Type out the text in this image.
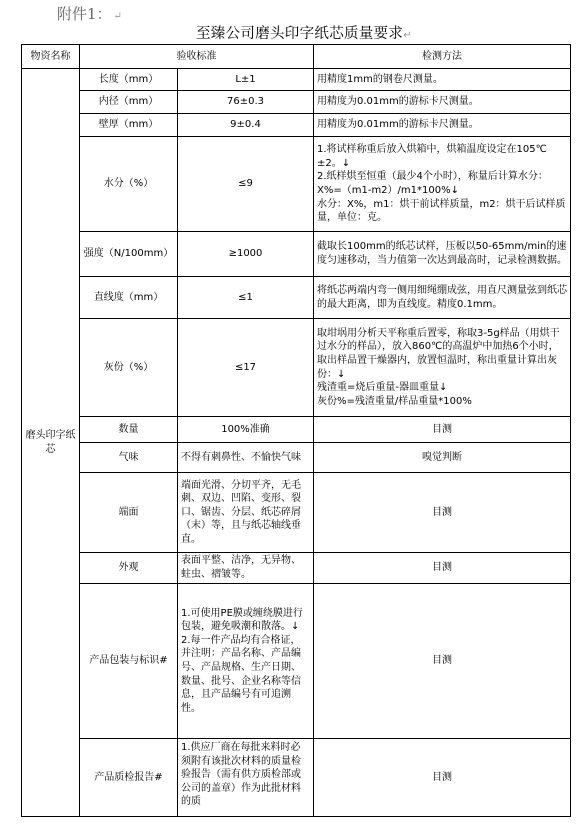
附件1： ↵
至臻公司磨头印字纸芯质量要求↵
物资名称	验收标准		检测方法
磨头印字纸芯	长度（mm）	L±1	用精度1mm的钢卷尺测量。
	内径（mm）	76±0.3	用精度为0.01mm的游标卡尺测量。
	壁厚（mm）	9±0.4	用精度为0.01mm的游标卡尺测量。
	水分（%）	≤9	1.将试样称重后放入烘箱中，烘箱温度设定在105℃±2。↓
2.纸样烘至恒重（最少4个小时），称量后计算水分：X%=（m1-m2）/m1*100%↓
水分：X%，m1：烘干前试样质量，m2：烘干后试样质量，单位：克。

	强度（N/100mm）	≥1000	截取长100mm的纸芯试样，压板以50-65mm/min的速度匀速移动，当力值第一次达到最高时，记录检测数据。
	直线度（mm）	≤1	将纸芯两端内弯一侧用细绳绷成弦，用直尺测量弦到纸芯的最大距离，即为直线度。精度0.1mm。
	灰份（%）	≤17	取坩埚用分析天平称重后置零，称取3-5g样品（用烘干过水分的样品），放入860℃的高温炉中加热6个小时，取出样品置干燥器内，放置恒温时，称出重量计算出灰份：↓
残渣重=烧后重量-器皿重量↓
灰份%=残渣重量/样品重量*100%

	数量	100%准确	目测
	气味	不得有刺鼻性、不愉快气味	嗅觉判断
	端面	端面光滑、分切平齐，无毛刺、双边、凹陷、变形、裂口、锯齿、分层、纸芯碎屑（末）等，且与纸芯轴线垂直。	目测
	外观	表面平整、洁净，无异物、蛀虫、褶皱等。	目测
	产品包装与标识#	1.可使用PE膜或缠绕膜进行包装，避免吸潮和散落。↓
2.每一件产品均有合格证，并注明：产品名称、产品编号、产品规格、生产日期、数量、批号、企业名称等信息，且产品编号有可追溯性。	目测
	产品质检报告#	1.供应厂商在每批来料时必须附有该批次材料的质量检验报告（需有供方质检部或公司的盖章）作为此批材料的质	目测
